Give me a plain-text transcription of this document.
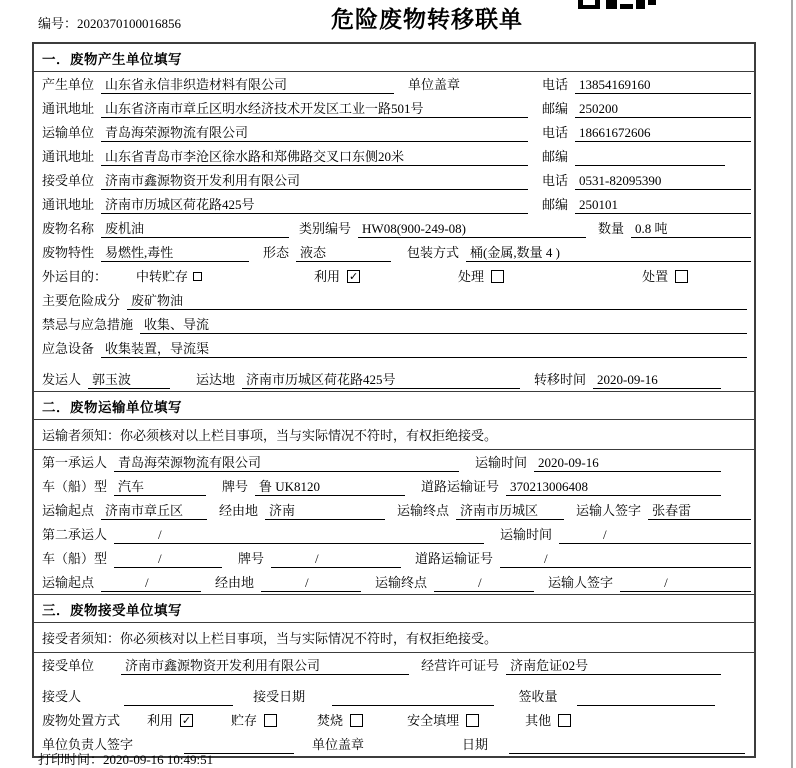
编号：2020370100016856	危险废物转移联单
一．废物产生单位填写
产生单位 山东省永信非织造材料有限公司	单位盖章	电话 13854169160
通讯地址 山东省济南市章丘区明水经济技术开发区工业一路501号	邮编 250200
运输单位 青岛海荣源物流有限公司	电话 18661672606
通讯地址 山东省青岛市李沧区徐水路和郑佛路交叉口东侧20米	邮编
接受单位 济南市鑫源物资开发利用有限公司	电话 0531-82095390
通讯地址 济南市历城区荷花路425号	邮编 250101
废物名称 废机油	类别编号 HW08(900-249-08)	数量 0.8 吨
废物特性 易燃性,毒性	形态 液态	包装方式 桶(金属,数量 4 )
外运目的： 中转贮存	利用 ✓	处理	处置
主要危险成分 废矿物油
禁忌与应急措施 收集、导流
应急设备 收集装置，导流渠
发运人 郭玉波	运达地 济南市历城区荷花路425号	转移时间 2020-09-16
二．废物运输单位填写
运输者须知：你必须核对以上栏目事项，当与实际情况不符时，有权拒绝接受。
第一承运人 青岛海荣源物流有限公司	运输时间 2020-09-16
车（船）型 汽车	牌号 鲁 UK8120	道路运输证号 370213006408
运输起点 济南市章丘区	经由地 济南	运输终点 济南市历城区	运输人签字 张春雷
第二承运人	/	运输时间	/
车（船）型	/	牌号	/	道路运输证号	/
运输起点	/	经由地	/	运输终点	/	运输人签字	/
三．废物接受单位填写
接受者须知：你必须核对以上栏目事项，当与实际情况不符时，有权拒绝接受。
接受单位	济南市鑫源物资开发利用有限公司	经营许可证号 济南危证02号
接受人	接受日期	签收量
废物处置方式 利用 ✓	贮存	焚烧	安全填埋	其他
单位负责人签字	单位盖章	日期
打印时间：2020-09-16 10:49:51
